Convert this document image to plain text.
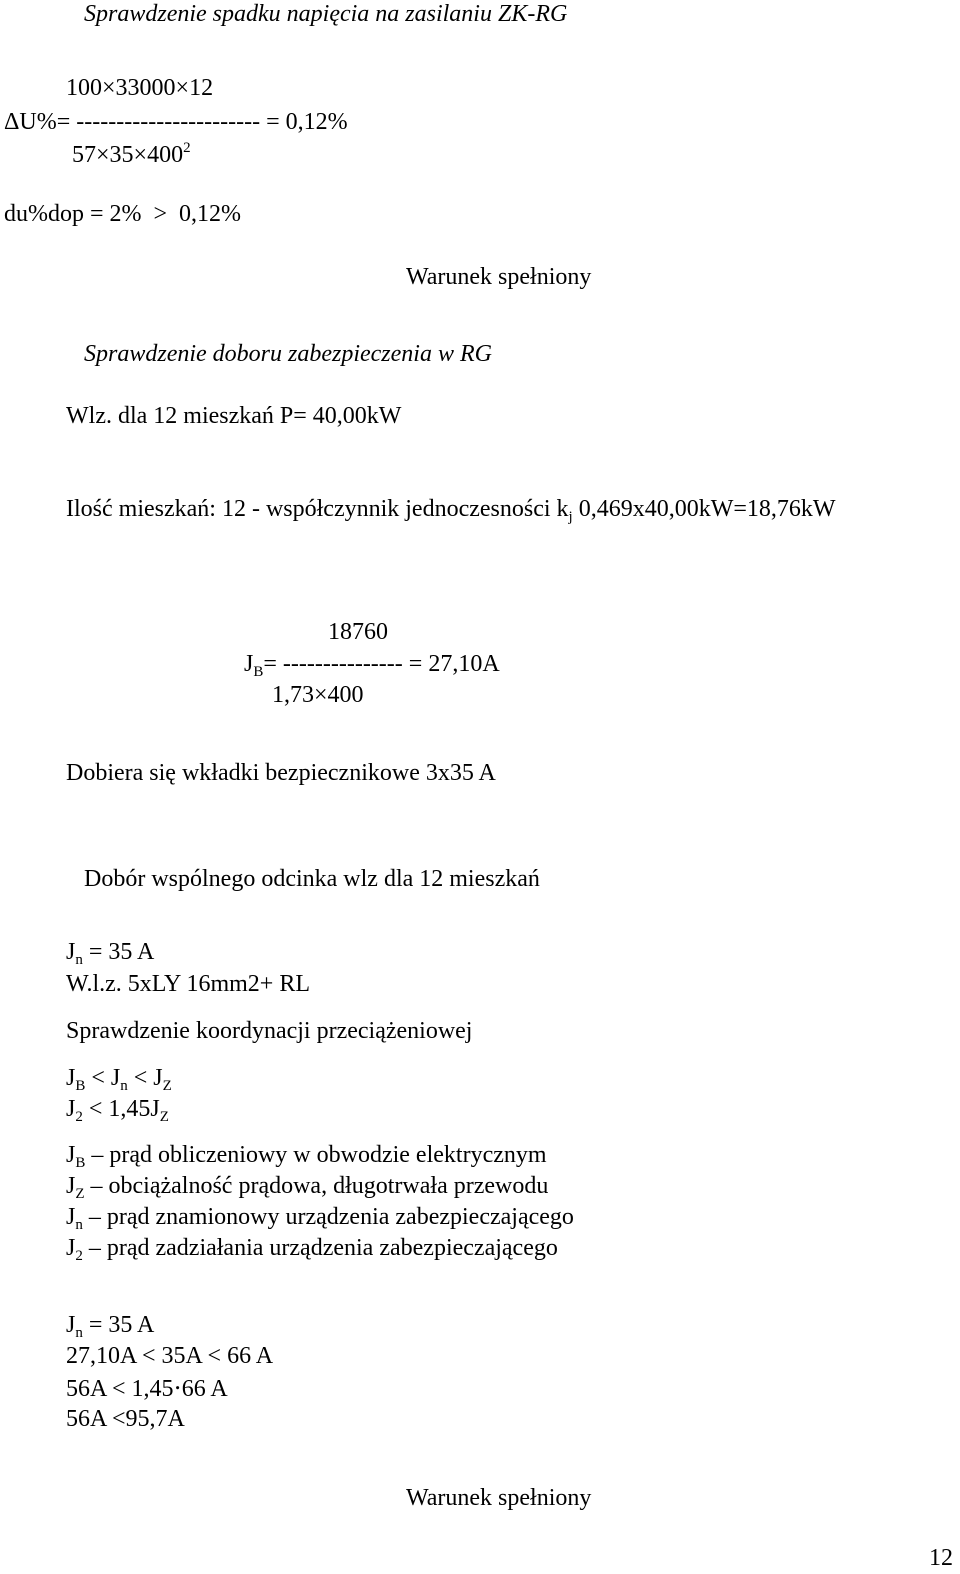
Sprawdzenie spadku napięcia na zasilaniu ZK-RG
100×33000×12
ΔU%= ----------------------- = 0,12%
$57\times 35\times 400^2$
du%dop = 2%  >  0,12%
Warunek spełniony
Sprawdzenie doboru zabezpieczenia w RG
Wlz. dla 12 mieszkań P= 40,00kW
Ilość mieszkań: 12 - współczynnik jednoczesności $k_j$ 0,469x40,00kW=18,76kW
18760
$J_B=$ --------------- = 27,10A
1,73×400
Dobiera się wkładki bezpiecznikowe 3x35 A
Dobór wspólnego odcinka wlz dla 12 mieszkań
$J_n = 35$ A
W.l.z. 5xLY 16mm2+ RL
Sprawdzenie koordynacji przeciążeniowej
$J_B < J_n < J_Z$
$J_2 < 1,45J_Z$
$J_B$ – prąd obliczeniowy w obwodzie elektrycznym
$J_Z$ – obciążalność prądowa, długotrwała przewodu
$J_n$ – prąd znamionowy urządzenia zabezpieczającego
$J_2$ – prąd zadziałania urządzenia zabezpieczającego
$J_n = 35$ A
27,10A < 35A < 66 A
56A < 1,45⋅66 A
56A <95,7A
Warunek spełniony
12
